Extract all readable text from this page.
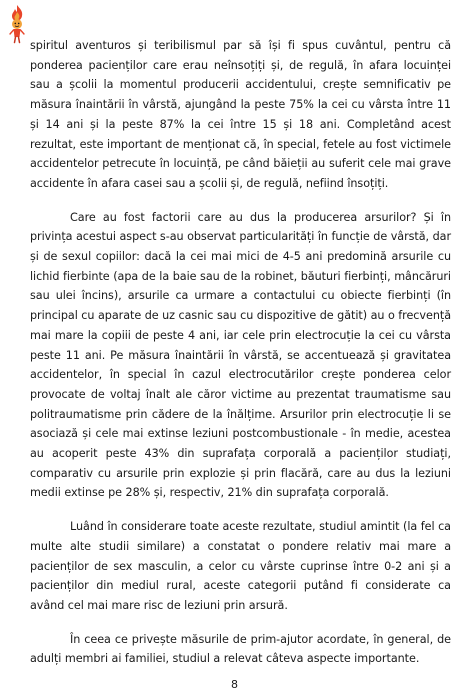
spiritul aventuros și teribilismul par să își fi spus cuvântul, pentru că ponderea pacienților care erau neînsoțiți și, de regulă, în afara locuinței sau a școlii la momentul producerii accidentului, crește semnificativ pe măsura înaintării în vârstă, ajungând la peste 75% la cei cu vârsta între 11 și 14 ani și la peste 87% la cei între 15 și 18 ani. Completând acest rezultat, este important de menționat că, în special, fetele au fost victimele accidentelor petrecute în locuință, pe când băieții au suferit cele mai grave accidente în afara casei sau a școlii și, de regulă, nefiind însoțiți.

Care au fost factorii care au dus la producerea arsurilor? Și în privința acestui aspect s-au observat particularități în funcție de vârstă, dar și de sexul copiilor: dacă la cei mai mici de 4-5 ani predomină arsurile cu lichid fierbinte (apa de la baie sau de la robinet, băuturi fierbinți, mâncăruri sau ulei încins), arsurile ca urmare a contactului cu obiecte fierbinți (în principal cu aparate de uz casnic sau cu dispozitive de gătit) au o frecvență mai mare la copiii de peste 4 ani, iar cele prin electrocuție la cei cu vârsta peste 11 ani. Pe măsura înaintării în vârstă, se accentuează și gravitatea accidentelor, în special în cazul electrocutărilor crește ponderea celor provocate de voltaj înalt ale căror victime au prezentat traumatisme sau politraumatisme prin cădere de la înălțime. Arsurilor prin electrocuție li se asociază și cele mai extinse leziuni postcombustionale - în medie, acestea au acoperit peste 43% din suprafața corporală a pacienților studiați, comparativ cu arsurile prin explozie și prin flacără, care au dus la leziuni medii extinse pe 28% și, respectiv, 21% din suprafața corporală.

Luând în considerare toate aceste rezultate, studiul amintit (la fel ca multe alte studii similare) a constatat o pondere relativ mai mare a pacienților de sex masculin, a celor cu vârste cuprinse între 0-2 ani și a pacienților din mediul rural, aceste categorii putând fi considerate ca având cel mai mare risc de leziuni prin arsură.

În ceea ce privește măsurile de prim-ajutor acordate, în general, de adulți membri ai familiei, studiul a relevat câteva aspecte importante.

8
